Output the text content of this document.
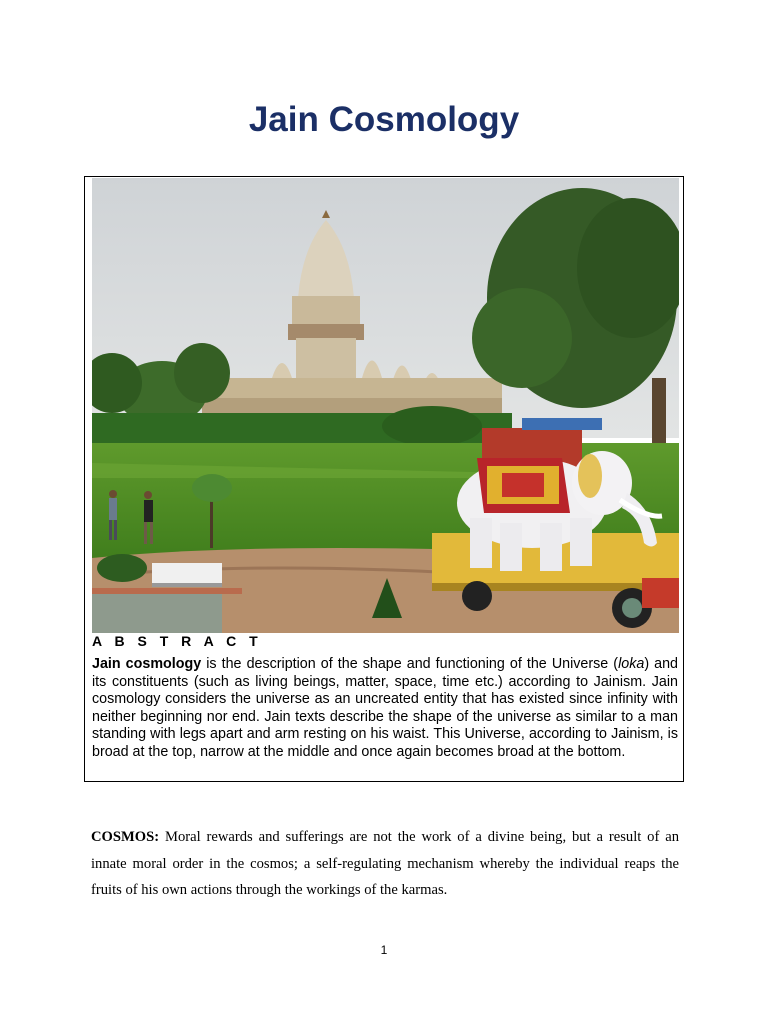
Jain Cosmology
A B S T R A C T
Jain cosmology is the description of the shape and functioning of the Universe (loka) and its constituents (such as living beings, matter, space, time etc.) according to Jainism. Jain cosmology considers the universe as an uncreated entity that has existed since infinity with neither beginning nor end. Jain texts describe the shape of the universe as similar to a man standing with legs apart and arm resting on his waist. This Universe, according to Jainism, is broad at the top, narrow at the middle and once again becomes broad at the bottom.
COSMOS: Moral rewards and sufferings are not the work of a divine being, but a result of an innate moral order in the cosmos; a self-regulating mechanism whereby the individual reaps the fruits of his own actions through the workings of the karmas.
1
